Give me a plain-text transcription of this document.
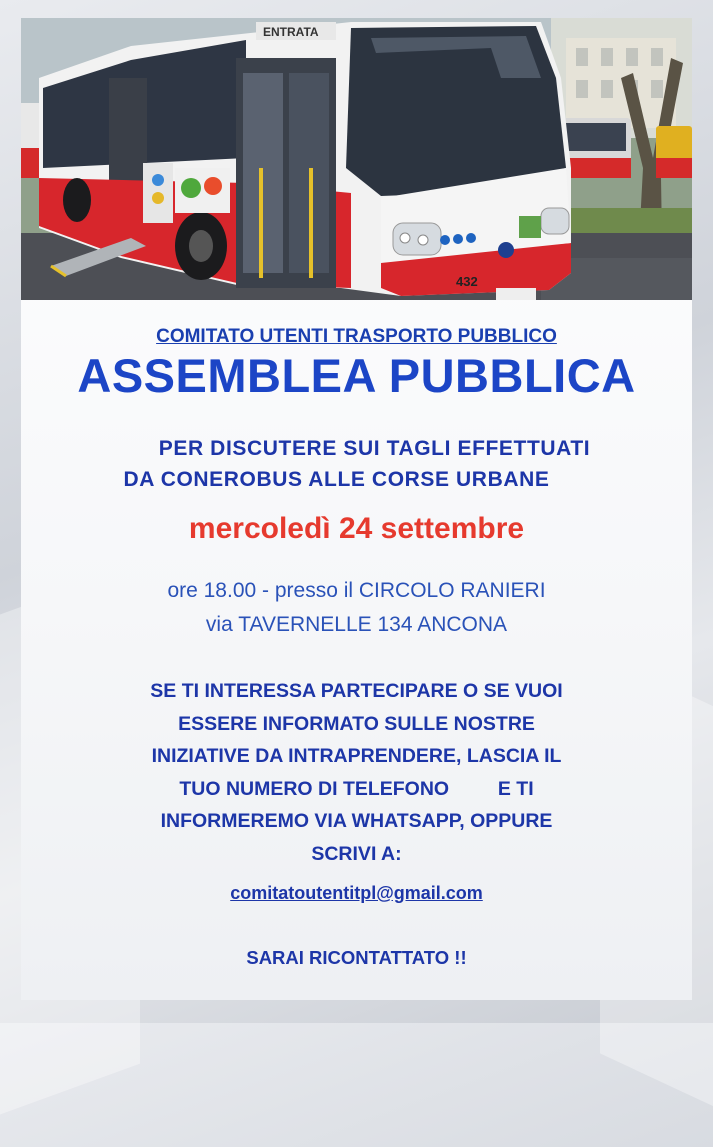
ENTRATA
432

COMITATO UTENTI TRASPORTO PUBBLICO

ASSEMBLEA PUBBLICA

PER DISCUTERE SUI TAGLI EFFETTUATI

DA CONEROBUS ALLE CORSE URBANE

mercoledì 24 settembre

ore 18.00 - presso il CIRCOLO RANIERI

via TAVERNELLE 134 ANCONA

SE TI INTERESSA PARTECIPARE O SE VUOI

ESSERE INFORMATO SULLE NOSTRE

INIZIATIVE DA INTRAPRENDERE, LASCIA IL

TUO NUMERO DI TELEFONO         E TI

INFORMEREMO VIA WHATSAPP, OPPURE

SCRIVI A:

comitatoutentitpl@gmail.com

SARAI RICONTATTATO !!
